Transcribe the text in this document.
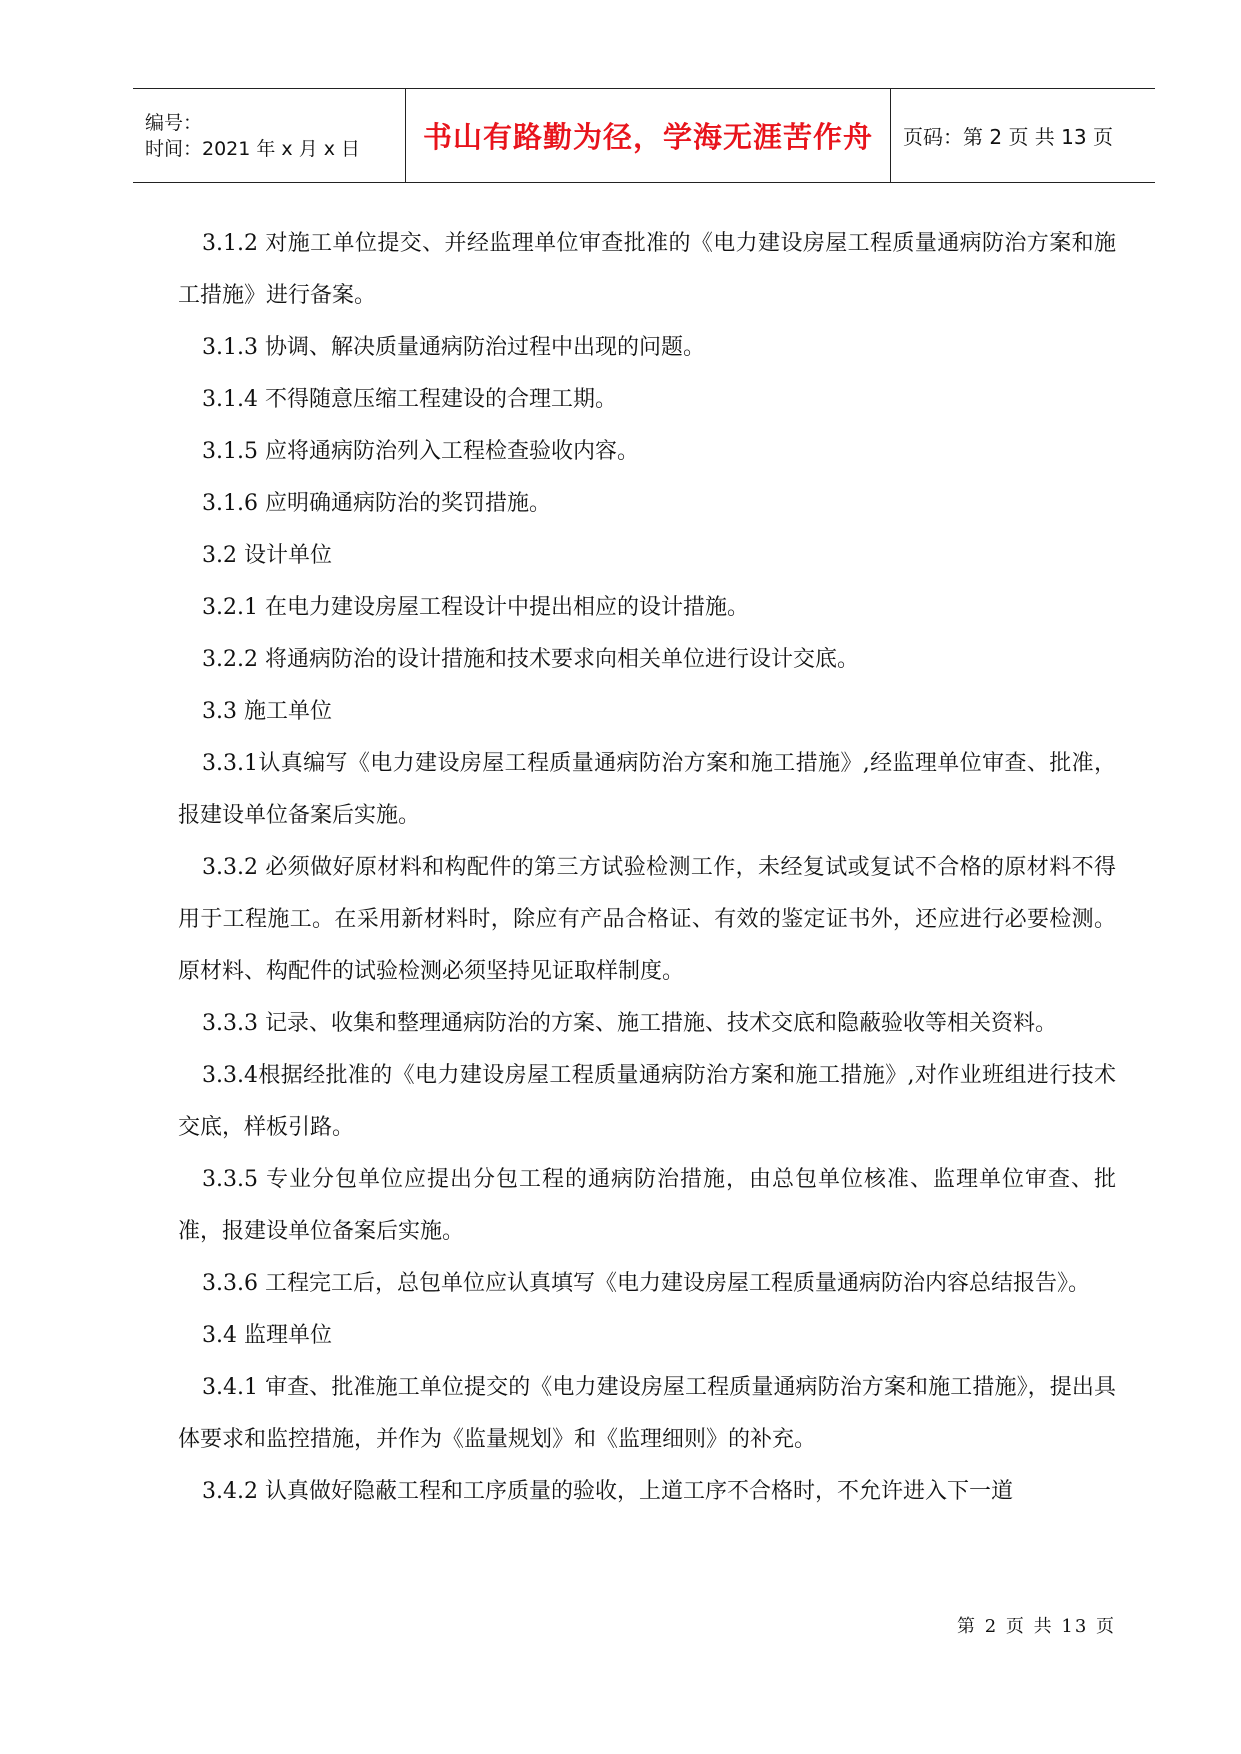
编号：
时间：2021 年 x 月 x 日	书山有路勤为径，学海无涯苦作舟	页码：第 2 页 共 13 页

3.1.2 对施工单位提交、并经监理单位审查批准的《电力建设房屋工程质量通病防治方案和施工措施》进行备案。

3.1.3 协调、解决质量通病防治过程中出现的问题。

3.1.4 不得随意压缩工程建设的合理工期。

3.1.5 应将通病防治列入工程检查验收内容。

3.1.6 应明确通病防治的奖罚措施。

3.2 设计单位

3.2.1 在电力建设房屋工程设计中提出相应的设计措施。

3.2.2 将通病防治的设计措施和技术要求向相关单位进行设计交底。

3.3 施工单位

3.3.1认真编写《电力建设房屋工程质量通病防治方案和施工措施》,经监理单位审查、批准，报建设单位备案后实施。

3.3.2 必须做好原材料和构配件的第三方试验检测工作，未经复试或复试不合格的原材料不得用于工程施工。在采用新材料时，除应有产品合格证、有效的鉴定证书外，还应进行必要检测。原材料、构配件的试验检测必须坚持见证取样制度。

3.3.3 记录、收集和整理通病防治的方案、施工措施、技术交底和隐蔽验收等相关资料。

3.3.4根据经批准的《电力建设房屋工程质量通病防治方案和施工措施》,对作业班组进行技术交底，样板引路。

3.3.5 专业分包单位应提出分包工程的通病防治措施，由总包单位核准、监理单位审查、批准，报建设单位备案后实施。

3.3.6 工程完工后，总包单位应认真填写《电力建设房屋工程质量通病防治内容总结报告》。

3.4 监理单位

3.4.1 审查、批准施工单位提交的《电力建设房屋工程质量通病防治方案和施工措施》，提出具体要求和监控措施，并作为《监量规划》和《监理细则》的补充。

3.4.2 认真做好隐蔽工程和工序质量的验收，上道工序不合格时，不允许进入下一道

第 2 页 共 13 页
